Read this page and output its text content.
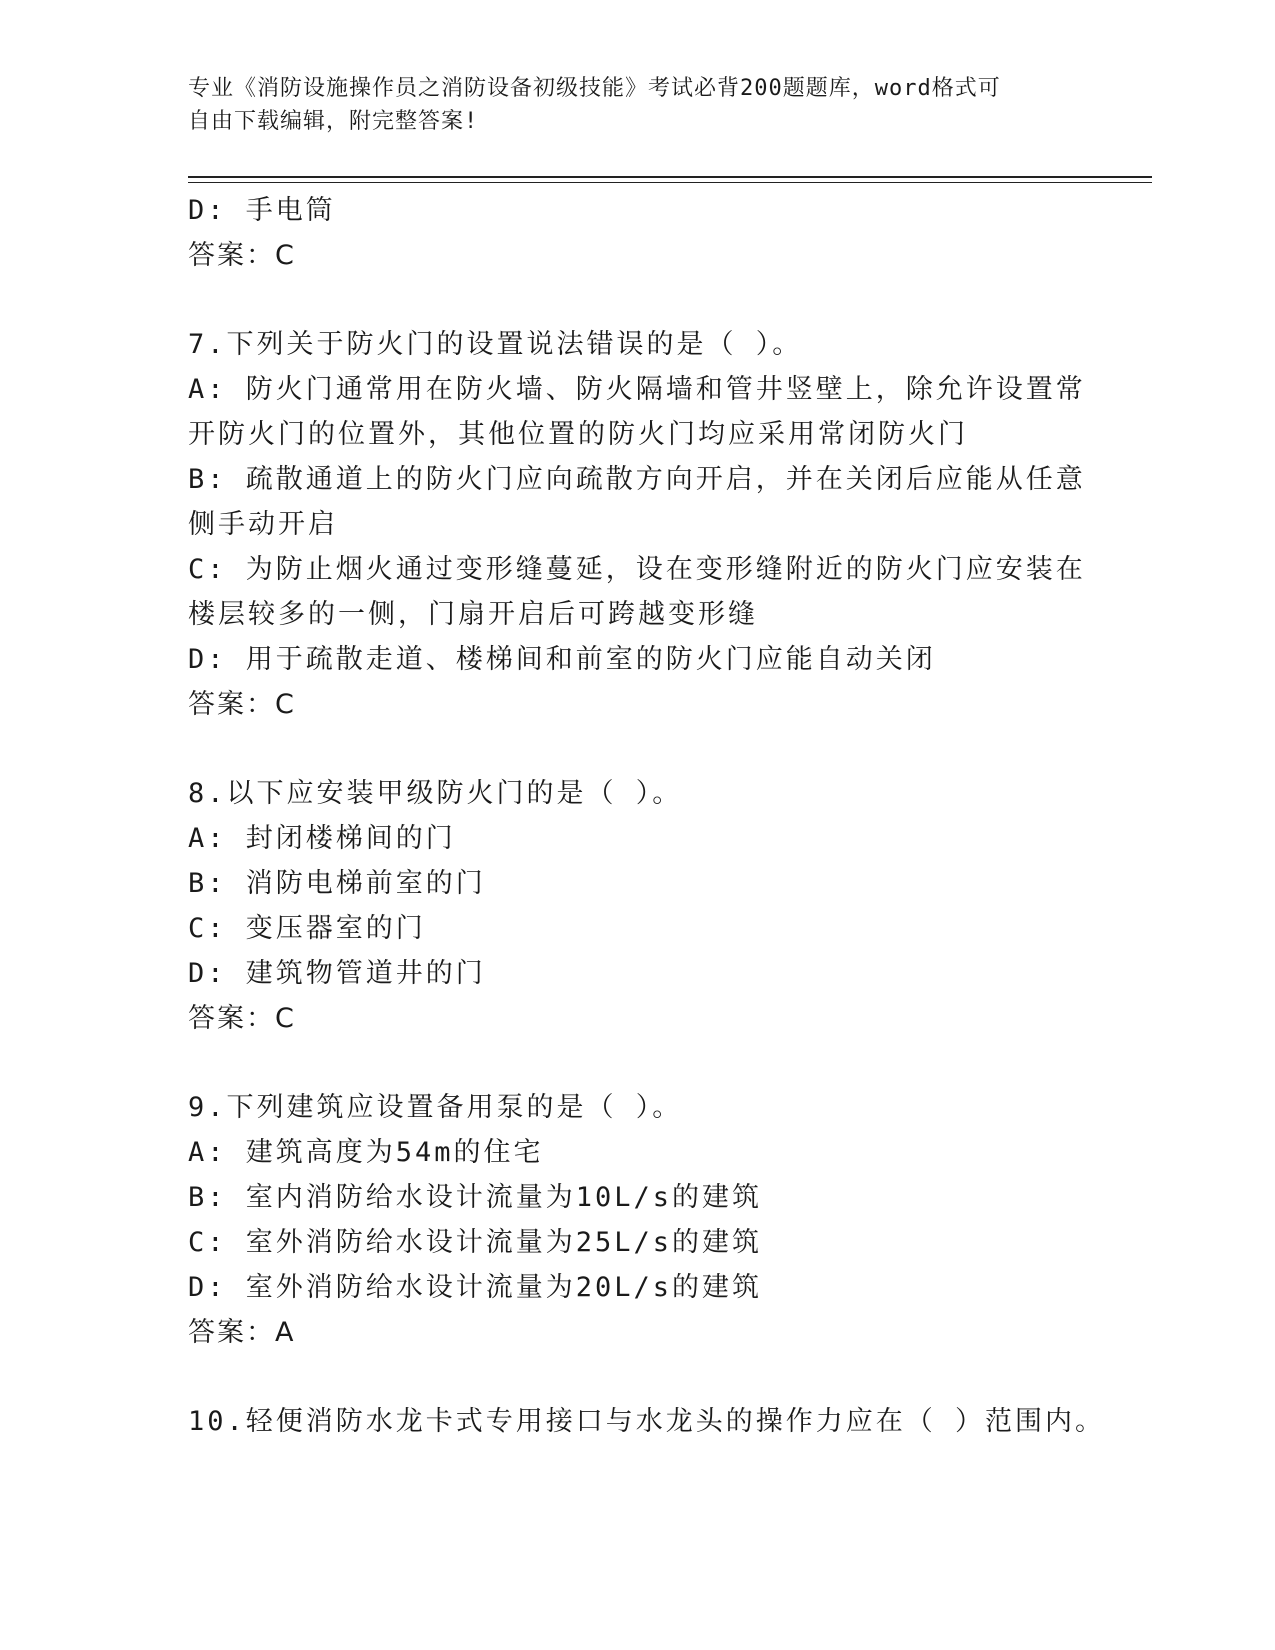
专业《消防设施操作员之消防设备初级技能》考试必背200题题库，word格式可
自由下载编辑，附完整答案!
D: 手电筒
答案：C
7.下列关于防火门的设置说法错误的是（ ）。
A: 防火门通常用在防火墙、防火隔墙和管井竖壁上，除允许设置常开防火门的位置外，其他位置的防火门均应采用常闭防火门
B: 疏散通道上的防火门应向疏散方向开启，并在关闭后应能从任意侧手动开启
C: 为防止烟火通过变形缝蔓延，设在变形缝附近的防火门应安装在楼层较多的一侧，门扇开启后可跨越变形缝
D: 用于疏散走道、楼梯间和前室的防火门应能自动关闭
答案：C
8.以下应安装甲级防火门的是（ ）。
A: 封闭楼梯间的门
B: 消防电梯前室的门
C: 变压器室的门
D: 建筑物管道井的门
答案：C
9.下列建筑应设置备用泵的是（ ）。
A: 建筑高度为54m的住宅
B: 室内消防给水设计流量为10L/s的建筑
C: 室外消防给水设计流量为25L/s的建筑
D: 室外消防给水设计流量为20L/s的建筑
答案：A
10.轻便消防水龙卡式专用接口与水龙头的操作力应在（ ）范围内。
